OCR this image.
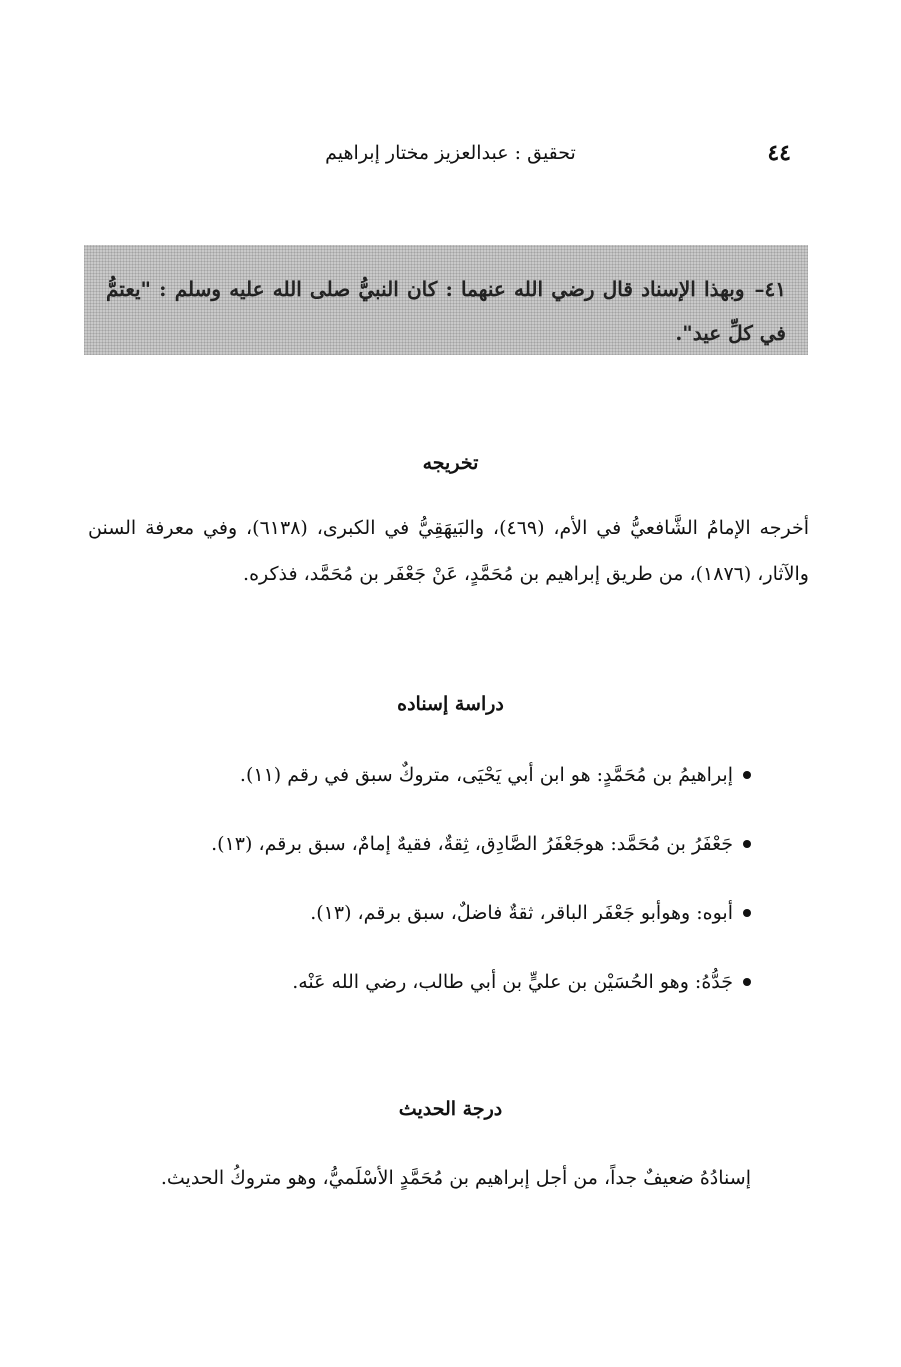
٤٤
تحقيق : عبدالعزيز مختار إبراهيم
٤١–وبهذا الإسناد قال رضي الله عنهما : كان النبيُّ صلى الله عليه وسلم : "يعتمُّ في كلِّ عيد".
تخريجه

أخرجه الإمامُ الشَّافعيُّ في الأم، (٤٦٩)، والبَيهَقِيُّ في الكبرى، (٦١٣٨)، وفي معرفة السنن والآثار، (١٨٧٦)، من طريق إبراهيم بن مُحَمَّدٍ، عَنْ جَعْفَر بن مُحَمَّد، فذكره.

دراسة إسناده
إبراهيمُ بن مُحَمَّدٍ: هو ابن أبي يَحْيَى، متروكٌ سبق في رقم (١١).
جَعْفَرُ بن مُحَمَّد: هوجَعْفَرُ الصَّادِق، ثِقةٌ، فقيهٌ إمامٌ، سبق برقم، (١٣).
أبوه: وهوأبو جَعْفَر الباقر، ثقةٌ فاضلٌ، سبق برقم، (١٣).
جَدُّهُ: وهو الحُسَيْن بن عليٍّ بن أبي طالب، رضي الله عَنْه.
درجة الحديث

إسنادُهُ ضعيفٌ جداً، من أجل إبراهيم بن مُحَمَّدٍ الأسْلَميُّ، وهو متروكُ الحديث.
